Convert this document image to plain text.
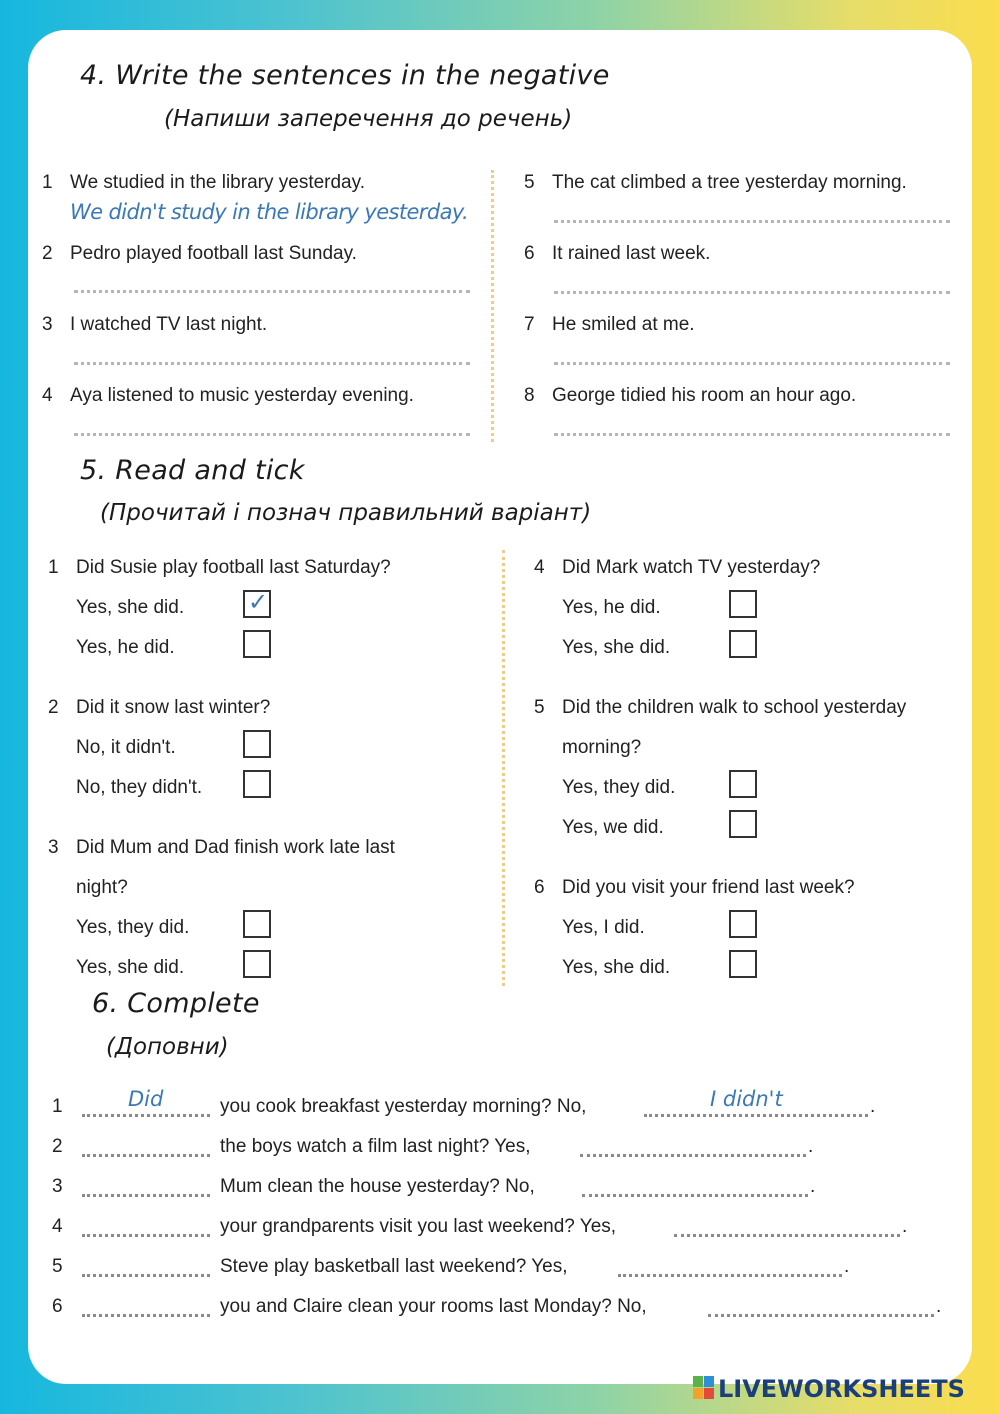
4. Write the sentences in the negative
(Напиши заперечення до речень)
1 We studied in the library yesterday.
We didn't study in the library yesterday.
2 Pedro played football last Sunday.
3 I watched TV last night.
4 Aya listened to music yesterday evening.
5 The cat climbed a tree yesterday morning.
6 It rained last week.
7 He smiled at me.
8 George tidied his room an hour ago.
5. Read and tick
(Прочитай і познач правильний варіант)
1 Did Susie play football last Saturday?
Yes, she did.
✓
Yes, he did.
2 Did it snow last winter?
No, it didn't.
No, they didn't.
3 Did Mum and Dad finish work late last
night?
Yes, they did.
Yes, she did.
4 Did Mark watch TV yesterday?
Yes, he did.
Yes, she did.
5 Did the children walk to school yesterday
morning?
Yes, they did.
Yes, we did.
6 Did you visit your friend last week?
Yes, I did.
Yes, she did.
6. Complete
(Доповни)
1	Did	you cook breakfast yesterday morning? No,	I didn't	.
2	the boys watch a film last night? Yes,	.
3	Mum clean the house yesterday? No,	.
4	your grandparents visit you last weekend? Yes,	.
5	Steve play basketball last weekend? Yes,	.
6	you and Claire clean your rooms last Monday? No,	.
LIVEWORKSHEETS
